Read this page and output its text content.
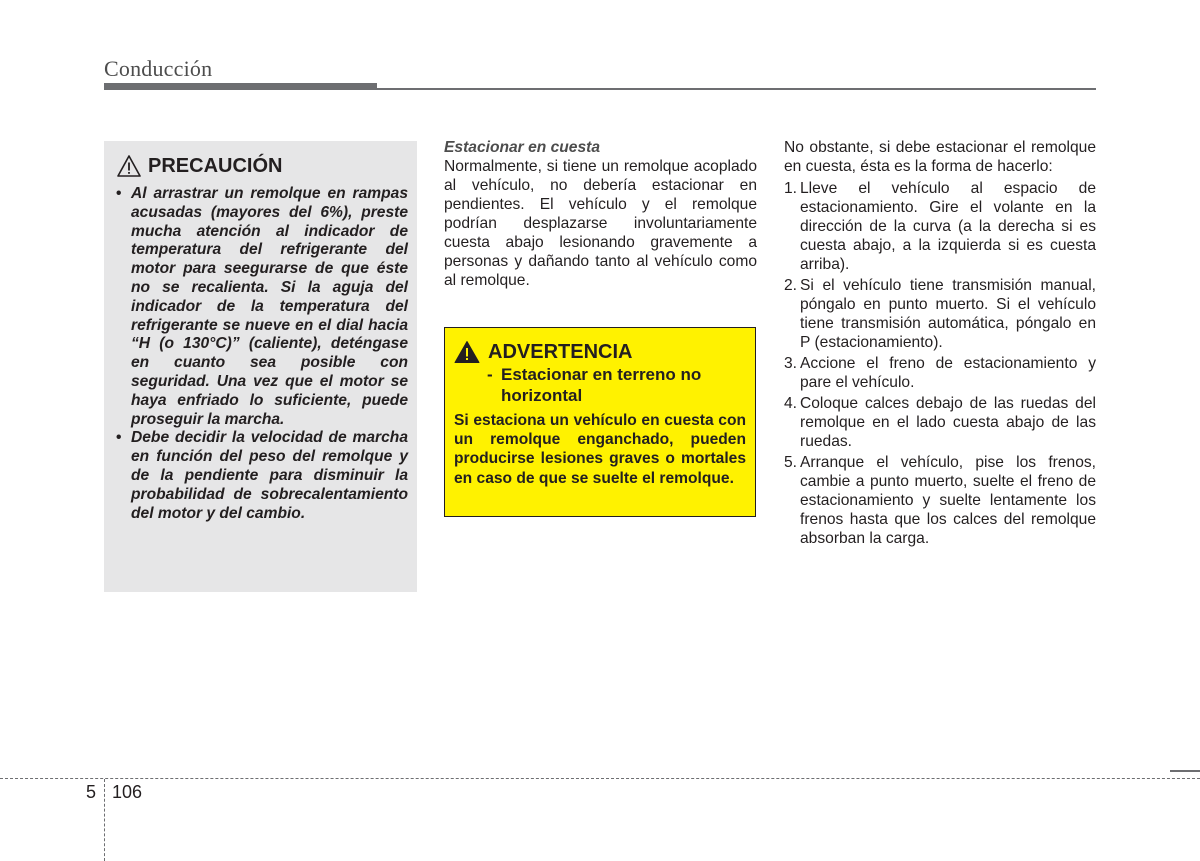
Conducción
PRECAUCIÓN
• Al arrastrar un remolque en rampas acusadas (mayores del 6%), preste mucha atención al indicador de temperatura del refrigerante del motor para seegurarse de que éste no se recalienta. Si la aguja del indicador de la temperatura del refrigerante se nueve en el dial hacia “H (o 130°C)” (caliente), deténgase en cuanto sea posible con seguridad. Una vez que el motor se haya enfriado lo suficiente, puede proseguir la marcha.
• Debe decidir la velocidad de marcha en función del peso del remolque y de la pendiente para disminuir la probabilidad de sobrecalentamiento del motor y del cambio.
Estacionar en cuesta

Normalmente, si tiene un remolque acoplado al vehículo, no debería estacionar en pendientes. El vehículo y el remolque podrían desplazarse involuntariamente cuesta abajo lesionando gravemente a personas y dañando tanto al vehículo como al remolque.

ADVERTENCIA
- Estacionar en terreno no
horizontal

Si estaciona un vehículo en cuesta con un remolque enganchado, pueden producirse lesiones graves o mortales en caso de que se suelte el remolque.

No obstante, si debe estacionar el remolque en cuesta, ésta es la forma de hacerlo:

1. Lleve el vehículo al espacio de estacionamiento. Gire el volante en la dirección de la curva (a la derecha si es cuesta abajo, a la izquierda si es cuesta arriba).
2. Si el vehículo tiene transmisión manual, póngalo en punto muerto. Si el vehículo tiene transmisión automática, póngalo en P (estacionamiento).
3. Accione el freno de estacionamiento y pare el vehículo.
4. Coloque calces debajo de las ruedas del remolque en el lado cuesta abajo de las ruedas.
5. Arranque el vehículo, pise los frenos, cambie a punto muerto, suelte el freno de estacionamiento y suelte lentamente los frenos hasta que los calces del remolque absorban la carga.
5 106
